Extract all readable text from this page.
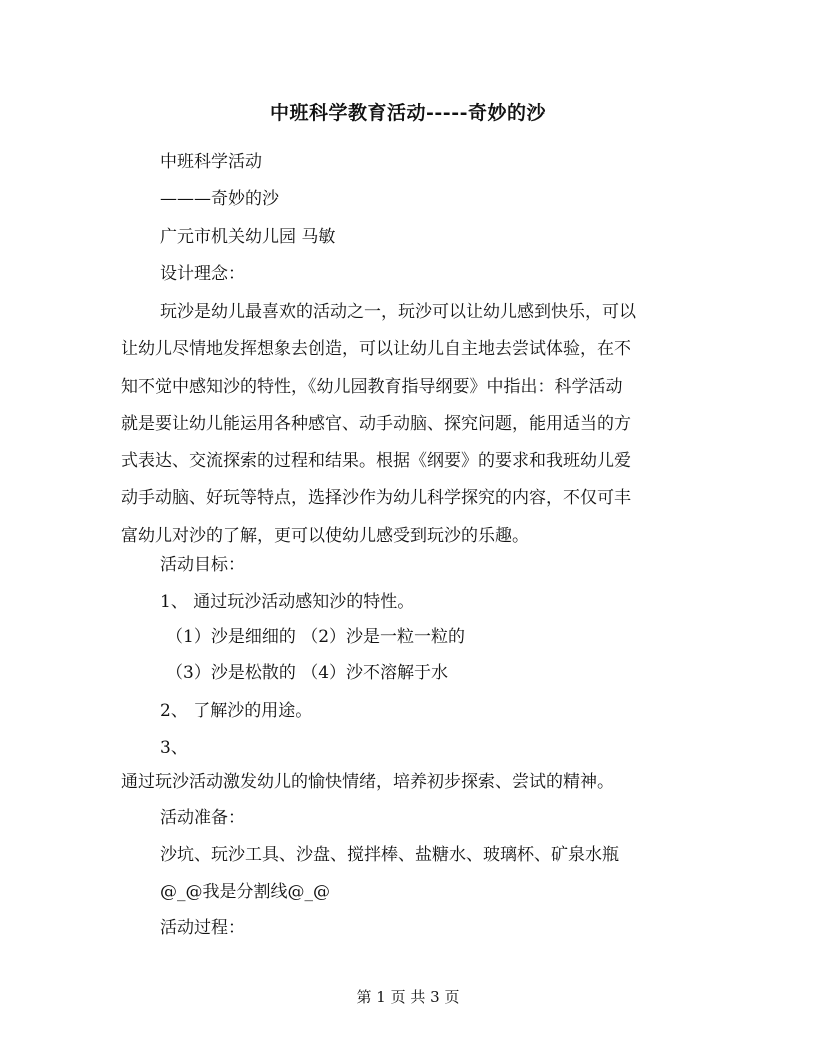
中班科学教育活动-----奇妙的沙

中班科学活动

———奇妙的沙

广元市机关幼儿园 马敏

设计理念：

玩沙是幼儿最喜欢的活动之一，玩沙可以让幼儿感到快乐，可以
让幼儿尽情地发挥想象去创造，可以让幼儿自主地去尝试体验，在不
知不觉中感知沙的特性，《幼儿园教育指导纲要》中指出：科学活动
就是要让幼儿能运用各种感官、动手动脑、探究问题，能用适当的方
式表达、交流探索的过程和结果。根据《纲要》的要求和我班幼儿爱
动手动脑、好玩等特点，选择沙作为幼儿科学探究的内容，不仅可丰
富幼儿对沙的了解，更可以使幼儿感受到玩沙的乐趣。

活动目标：

1、 通过玩沙活动感知沙的特性。

（1）沙是细细的 （2）沙是一粒一粒的

（3）沙是松散的 （4）沙不溶解于水

2、 了解沙的用途。

3、

通过玩沙活动激发幼儿的愉快情绪，培养初步探索、尝试的精神。

活动准备：

沙坑、玩沙工具、沙盘、搅拌棒、盐糖水、玻璃杯、矿泉水瓶

@_@我是分割线@_@

活动过程：

第 1 页 共 3 页
